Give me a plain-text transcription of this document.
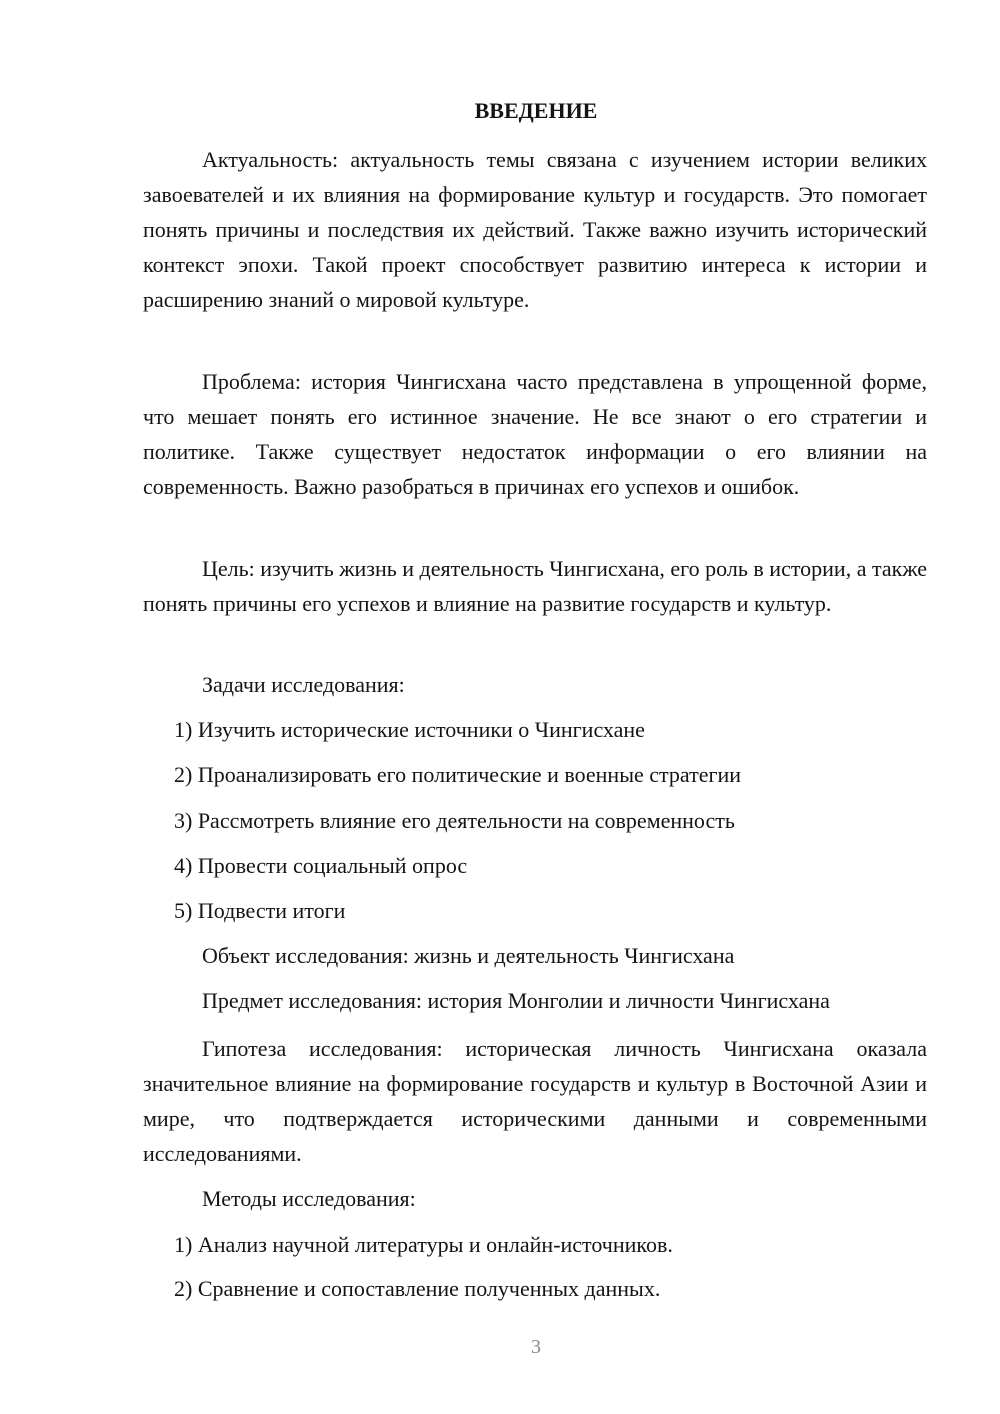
ВВЕДЕНИЕ

Актуальность: актуальность темы связана с изучением истории великих завоевателей и их влияния на формирование культур и государств. Это помогает понять причины и последствия их действий. Также важно изучить исторический контекст эпохи. Такой проект способствует развитию интереса к истории и расширению знаний о мировой культуре.

Проблема: история Чингисхана часто представлена в упрощенной форме, что мешает понять его истинное значение. Не все знают о его стратегии и политике. Также существует недостаток информации о его влиянии на современность. Важно разобраться в причинах его успехов и ошибок.

Цель: изучить жизнь и деятельность Чингисхана, его роль в истории, а также понять причины его успехов и влияние на развитие государств и культур.

Задачи исследования:
1) Изучить исторические источники о Чингисхане
2) Проанализировать его политические и военные стратегии
3) Рассмотреть влияние его деятельности на современность
4) Провести социальный опрос
5) Подвести итоги
Объект исследования: жизнь и деятельность Чингисхана
Предмет исследования: история Монголии и личности Чингисхана

Гипотеза исследования: историческая личность Чингисхана оказала значительное влияние на формирование государств и культур в Восточной Азии и мире, что подтверждается историческими данными и современными исследованиями.

Методы исследования:
1) Анализ научной литературы и онлайн-источников.
2) Сравнение и сопоставление полученных данных.
3
